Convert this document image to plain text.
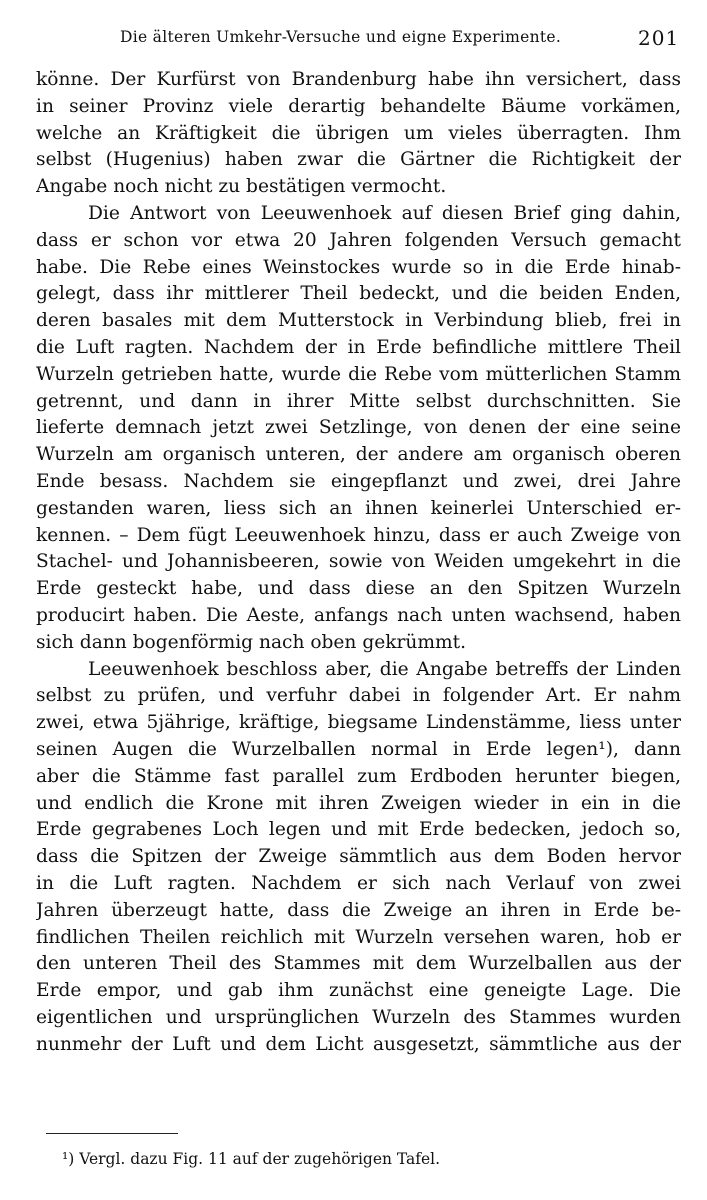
Die älteren Umkehr-Versuche und eigne Experimente.	201
könne. Der Kurfürst von Brandenburg habe ihn versichert, dass
in seiner Provinz viele derartig behandelte Bäume vorkämen,
welche an Kräftigkeit die übrigen um vieles überragten. Ihm
selbst (Hugenius) haben zwar die Gärtner die Richtigkeit der
Angabe noch nicht zu bestätigen vermocht.
Die Antwort von Leeuwenhoek auf diesen Brief ging dahin,
dass er schon vor etwa 20 Jahren folgenden Versuch gemacht
habe. Die Rebe eines Weinstockes wurde so in die Erde hinab-
gelegt, dass ihr mittlerer Theil bedeckt, und die beiden Enden,
deren basales mit dem Mutterstock in Verbindung blieb, frei in
die Luft ragten. Nachdem der in Erde befindliche mittlere Theil
Wurzeln getrieben hatte, wurde die Rebe vom mütterlichen Stamm
getrennt, und dann in ihrer Mitte selbst durchschnitten. Sie
lieferte demnach jetzt zwei Setzlinge, von denen der eine seine
Wurzeln am organisch unteren, der andere am organisch oberen
Ende besass. Nachdem sie eingepflanzt und zwei, drei Jahre
gestanden waren, liess sich an ihnen keinerlei Unterschied er-
kennen. – Dem fügt Leeuwenhoek hinzu, dass er auch Zweige von
Stachel- und Johannisbeeren, sowie von Weiden umgekehrt in die
Erde gesteckt habe, und dass diese an den Spitzen Wurzeln
producirt haben. Die Aeste, anfangs nach unten wachsend, haben
sich dann bogenförmig nach oben gekrümmt.
Leeuwenhoek beschloss aber, die Angabe betreffs der Linden
selbst zu prüfen, und verfuhr dabei in folgender Art. Er nahm
zwei, etwa 5jährige, kräftige, biegsame Lindenstämme, liess unter
seinen Augen die Wurzelballen normal in Erde legen¹), dann
aber die Stämme fast parallel zum Erdboden herunter biegen,
und endlich die Krone mit ihren Zweigen wieder in ein in die
Erde gegrabenes Loch legen und mit Erde bedecken, jedoch so,
dass die Spitzen der Zweige sämmtlich aus dem Boden hervor
in die Luft ragten. Nachdem er sich nach Verlauf von zwei
Jahren überzeugt hatte, dass die Zweige an ihren in Erde be-
findlichen Theilen reichlich mit Wurzeln versehen waren, hob er
den unteren Theil des Stammes mit dem Wurzelballen aus der
Erde empor, und gab ihm zunächst eine geneigte Lage. Die
eigentlichen und ursprünglichen Wurzeln des Stammes wurden
nunmehr der Luft und dem Licht ausgesetzt, sämmtliche aus der
¹) Vergl. dazu Fig. 11 auf der zugehörigen Tafel.
